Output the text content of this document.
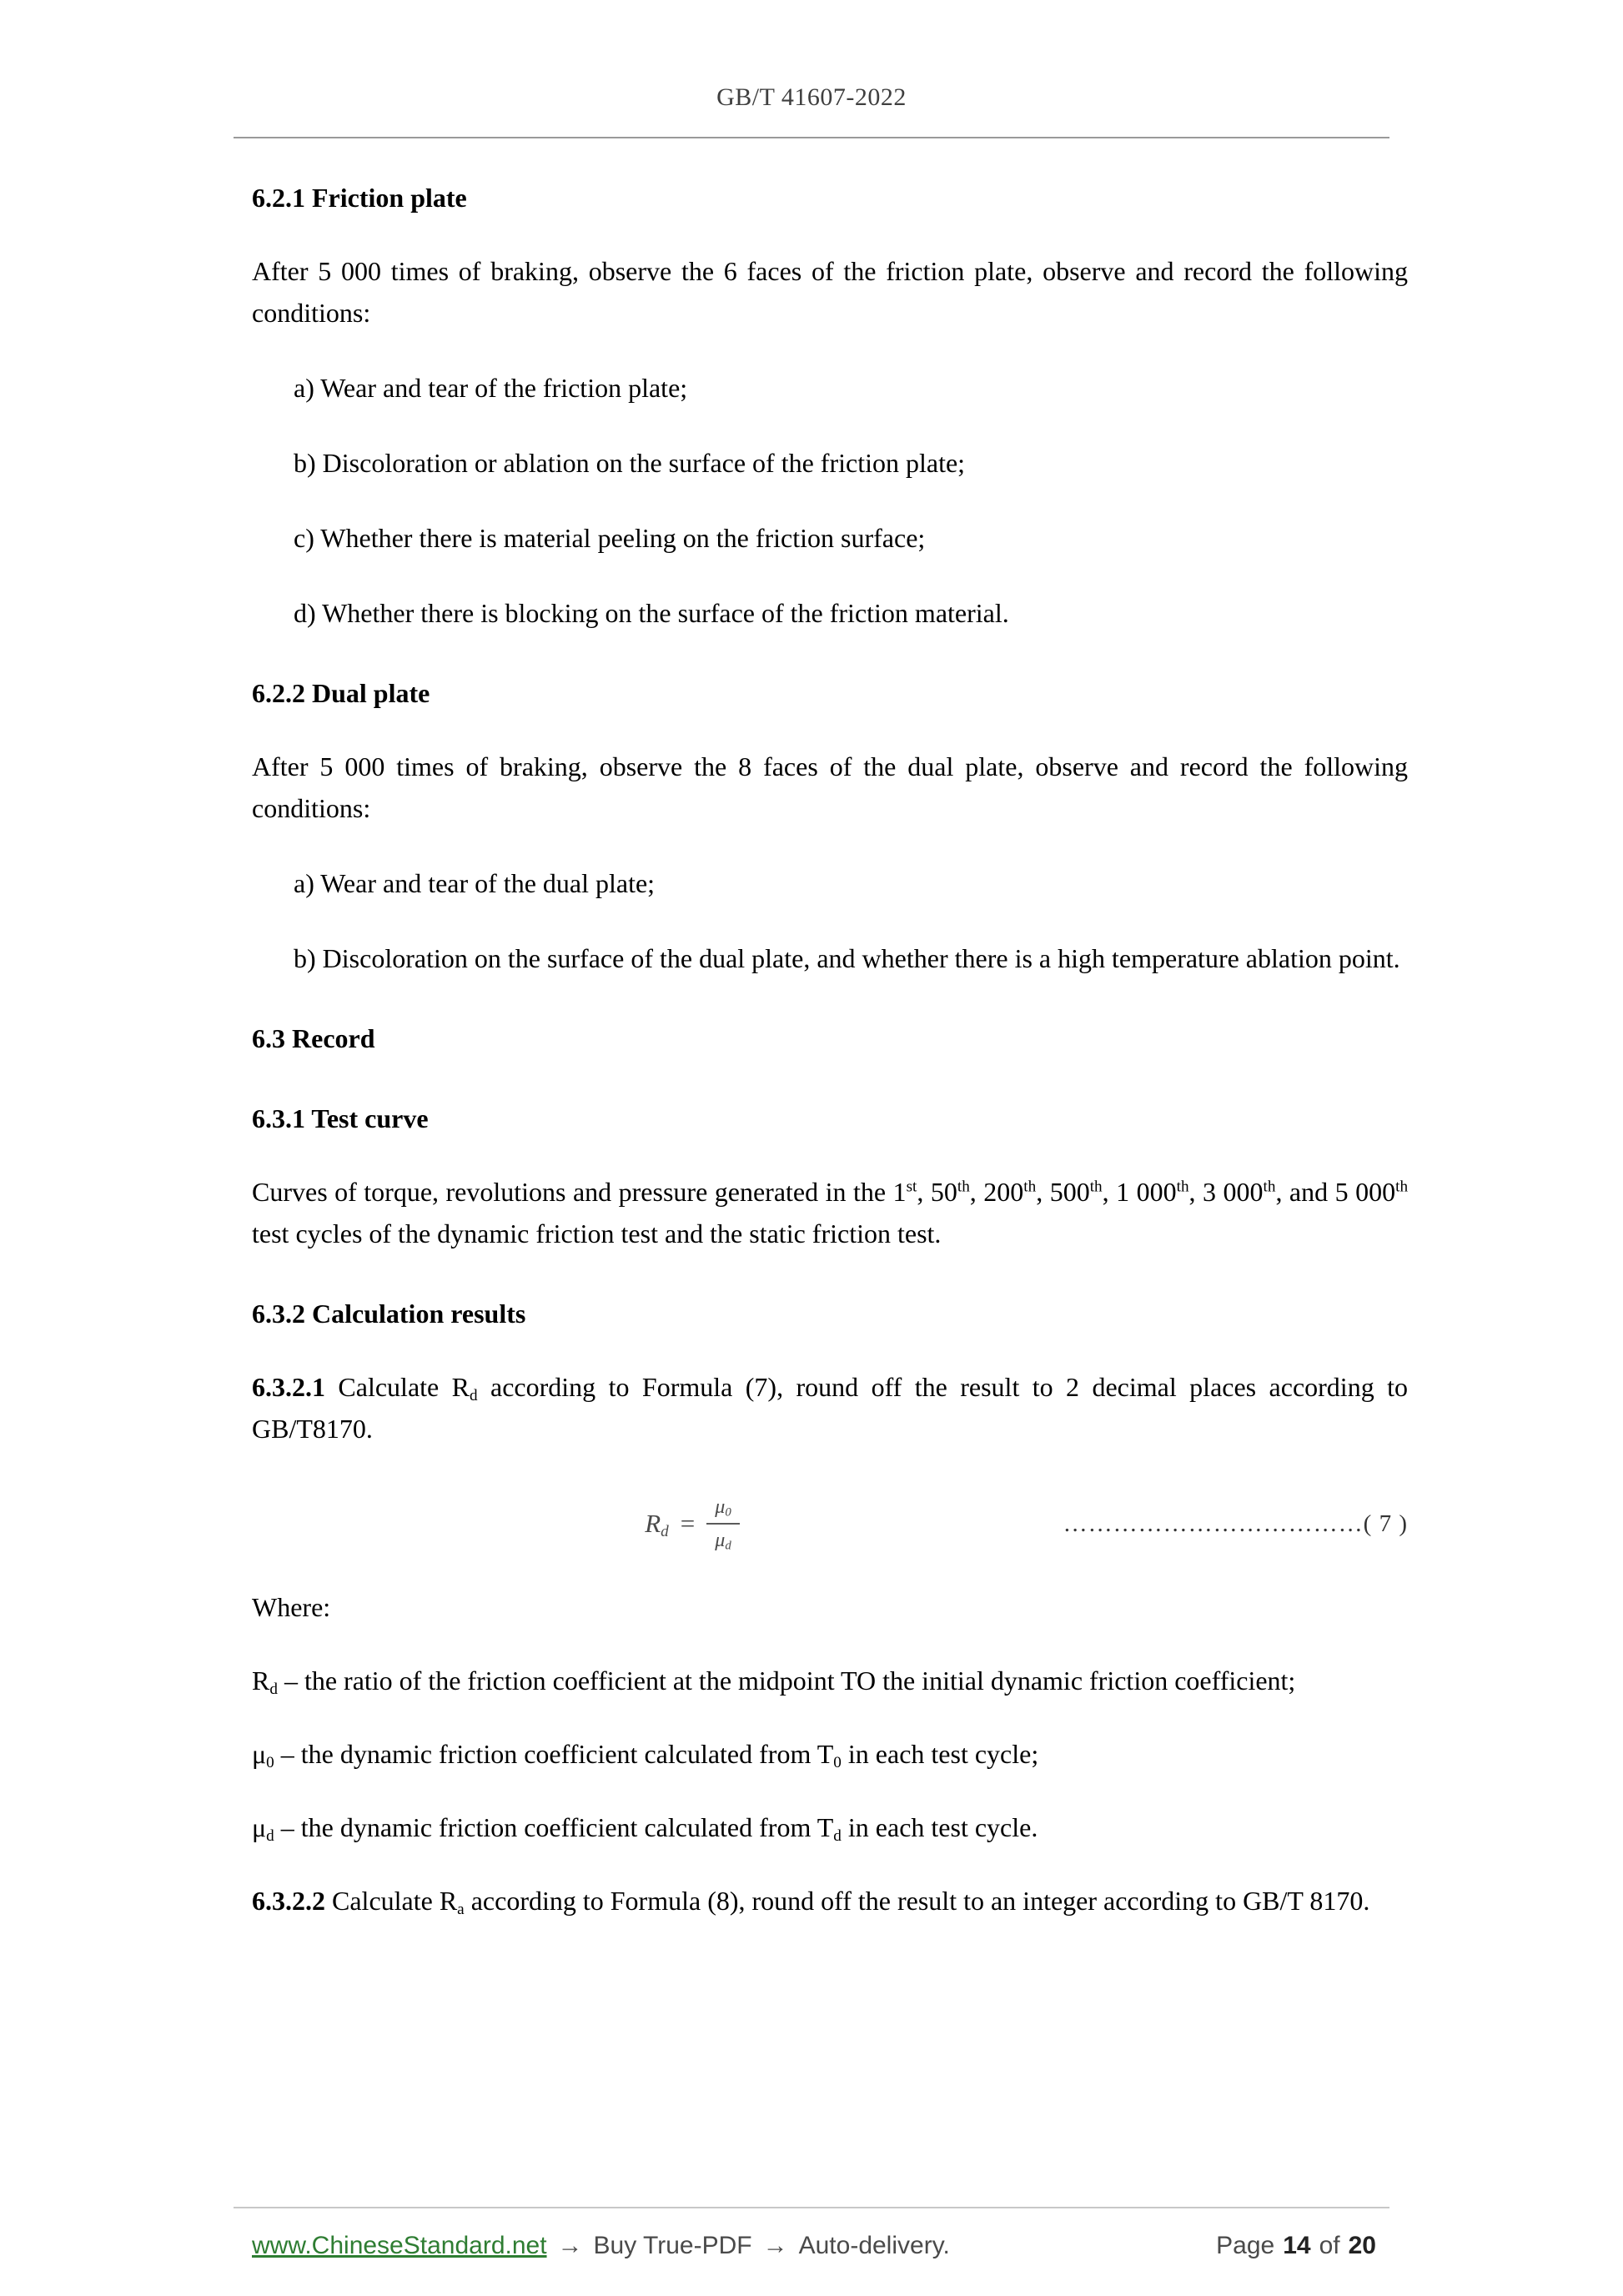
GB/T 41607-2022
6.2.1 Friction plate

After 5 000 times of braking, observe the 6 faces of the friction plate, observe and record the following conditions:

a) Wear and tear of the friction plate;

b) Discoloration or ablation on the surface of the friction plate;

c) Whether there is material peeling on the friction surface;

d) Whether there is blocking on the surface of the friction material.

6.2.2 Dual plate

After 5 000 times of braking, observe the 8 faces of the dual plate, observe and record the following conditions:

a) Wear and tear of the dual plate;

b) Discoloration on the surface of the dual plate, and whether there is a high temperature ablation point.

6.3 Record
6.3.1 Test curve

Curves of torque, revolutions and pressure generated in the 1st, 50th, 200th, 500th, 1 000th, 3 000th, and 5 000th test cycles of the dynamic friction test and the static friction test.

6.3.2 Calculation results

6.3.2.1 Calculate $R_d$ according to Formula (7), round off the result to 2 decimal places according to GB/T8170.

$R_d = \frac{\mu_0}{\mu_d}$	………………………………( 7 )

Where:

$R_d$ – the ratio of the friction coefficient at the midpoint TO the initial dynamic friction coefficient;

$\mu_0$ – the dynamic friction coefficient calculated from $T_0$ in each test cycle;

$\mu_d$ – the dynamic friction coefficient calculated from $T_d$ in each test cycle.

6.3.2.2 Calculate $R_a$ according to Formula (8), round off the result to an integer according to GB/T 8170.

www.ChineseStandard.net → Buy True-PDF → Auto-delivery.	Page 14 of 20
